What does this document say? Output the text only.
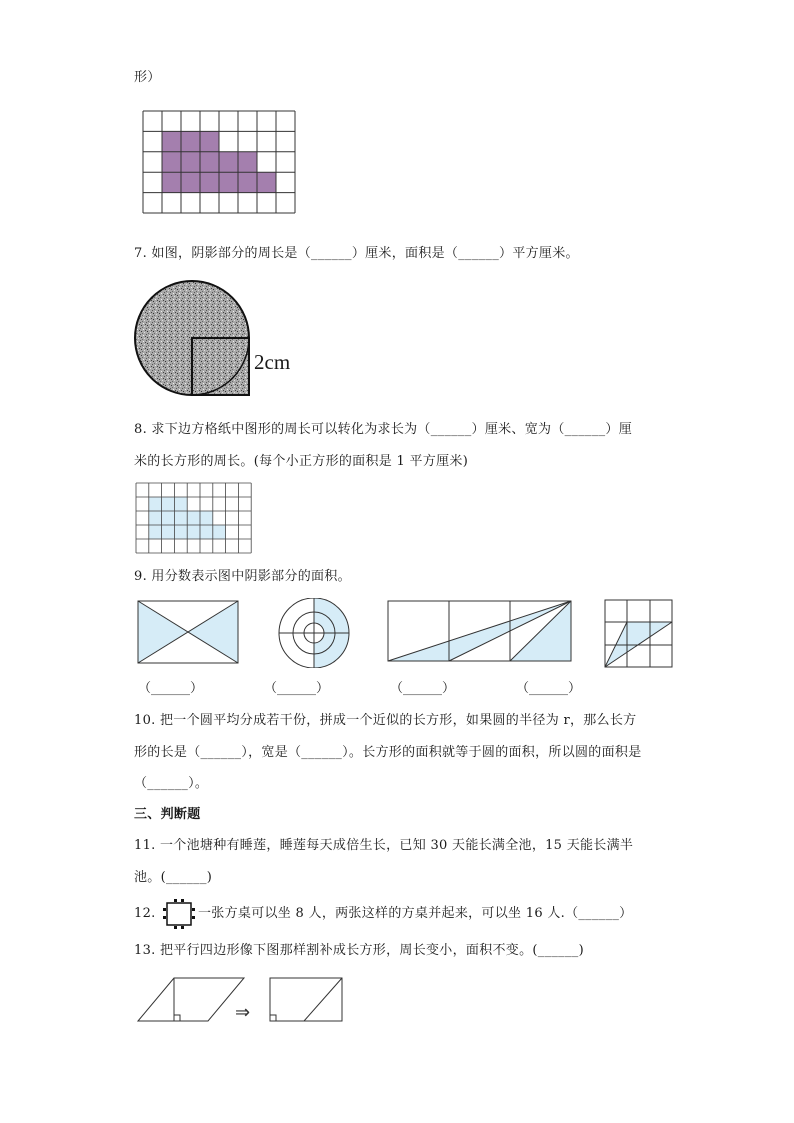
形）
7. 如图，阴影部分的周长是（______）厘米，面积是（______）平方厘米。
2cm
8. 求下边方格纸中图形的周长可以转化为求长为（______）厘米、宽为（______）厘
米的长方形的周长。(每个小正方形的面积是 1 平方厘米)
9. 用分数表示图中阴影部分的面积。
（______）	（______）	（______）	（______）
10. 把一个圆平均分成若干份，拼成一个近似的长方形，如果圆的半径为 r，那么长方
形的长是（______），宽是（______）。长方形的面积就等于圆的面积，所以圆的面积是
（______）。
三、判断题
11. 一个池塘种有睡莲，睡莲每天成倍生长，已知 30 天能长满全池，15 天能长满半
池。(______)
12.	一张方桌可以坐 8 人，两张这样的方桌并起来，可以坐 16 人.（______）
13. 把平行四边形像下图那样割补成长方形，周长变小，面积不变。(______)
⇒
